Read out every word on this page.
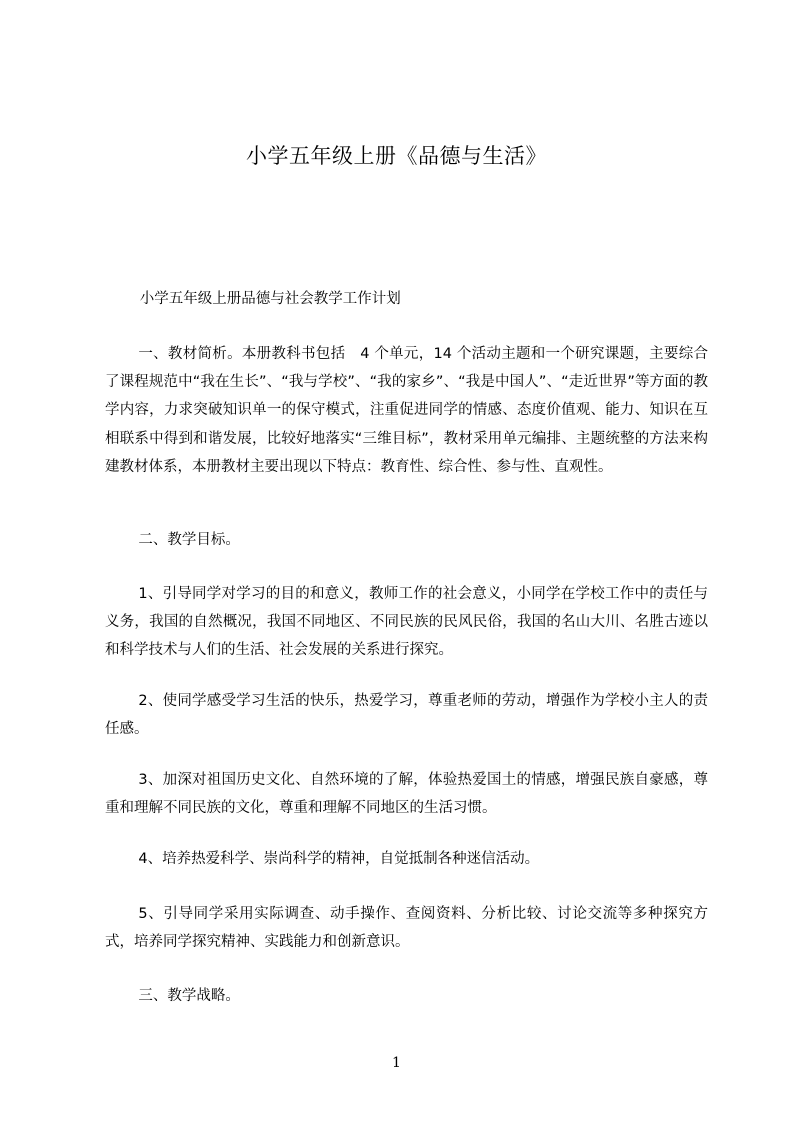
小学五年级上册《品德与生活》
小学五年级上册品德与社会教学工作计划
一、教材简析。本册教科书包括　4 个单元，14 个活动主题和一个研究课题，主要综合了课程规范中“我在生长”、“我与学校”、“我的家乡”、“我是中国人”、“走近世界”等方面的教学内容，力求突破知识单一的保守模式，注重促进同学的情感、态度价值观、能力、知识在互相联系中得到和谐发展，比较好地落实“三维目标”，教材采用单元编排、主题统整的方法来构建教材体系，本册教材主要出现以下特点：教育性、综合性、参与性、直观性。
二、教学目标。
1、引导同学对学习的目的和意义，教师工作的社会意义，小同学在学校工作中的责任与义务，我国的自然概况，我国不同地区、不同民族的民风民俗，我国的名山大川、名胜古迹以和科学技术与人们的生活、社会发展的关系进行探究。
2、使同学感受学习生活的快乐，热爱学习，尊重老师的劳动，增强作为学校小主人的责任感。
3、加深对祖国历史文化、自然环境的了解，体验热爱国土的情感，增强民族自豪感，尊重和理解不同民族的文化，尊重和理解不同地区的生活习惯。
4、培养热爱科学、崇尚科学的精神，自觉抵制各种迷信活动。
5、引导同学采用实际调查、动手操作、查阅资料、分析比较、讨论交流等多种探究方式，培养同学探究精神、实践能力和创新意识。
三、教学战略。
1
